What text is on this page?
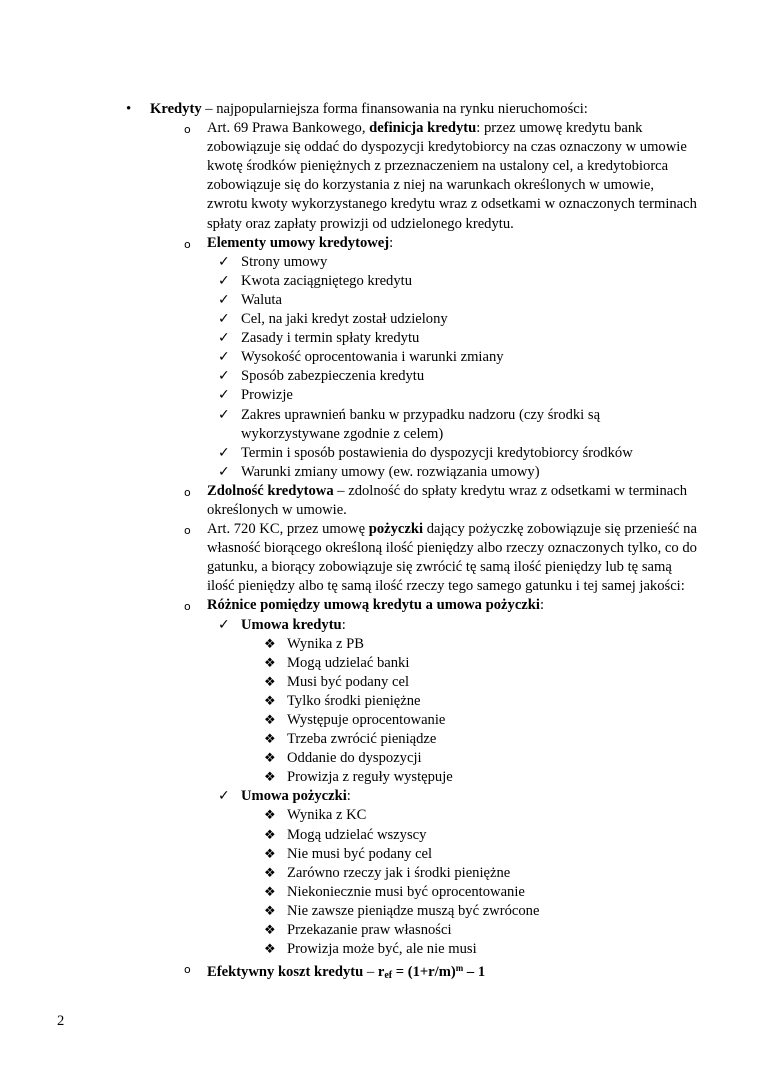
• Kredyty – najpopularniejsza forma finansowania na rynku nieruchomości:
o Art. 69 Prawa Bankowego, definicja kredytu: przez umowę kredytu bank zobowiązuje się oddać do dyspozycji kredytobiorcy na czas oznaczony w umowie kwotę środków pieniężnych z przeznaczeniem na ustalony cel, a kredytobiorca zobowiązuje się do korzystania z niej na warunkach określonych w umowie, zwrotu kwoty wykorzystanego kredytu wraz z odsetkami w oznaczonych terminach spłaty oraz zapłaty prowizji od udzielonego kredytu.
o Elementy umowy kredytowej:
✓ Strony umowy
✓ Kwota zaciągniętego kredytu
✓ Waluta
✓ Cel, na jaki kredyt został udzielony
✓ Zasady i termin spłaty kredytu
✓ Wysokość oprocentowania i warunki zmiany
✓ Sposób zabezpieczenia kredytu
✓ Prowizje
✓ Zakres uprawnień banku w przypadku nadzoru (czy środki są wykorzystywane zgodnie z celem)
✓ Termin i sposób postawienia do dyspozycji kredytobiorcy środków
✓ Warunki zmiany umowy (ew. rozwiązania umowy)
o Zdolność kredytowa – zdolność do spłaty kredytu wraz z odsetkami w terminach określonych w umowie.
o Art. 720 KC, przez umowę pożyczki dający pożyczkę zobowiązuje się przenieść na własność biorącego określoną ilość pieniędzy albo rzeczy oznaczonych tylko, co do gatunku, a biorący zobowiązuje się zwrócić tę samą ilość pieniędzy lub tę samą ilość pieniędzy albo tę samą ilość rzeczy tego samego gatunku i tej samej jakości:
o Różnice pomiędzy umową kredytu a umowa pożyczki:
✓ Umowa kredytu:
❖ Wynika z PB
❖ Mogą udzielać banki
❖ Musi być podany cel
❖ Tylko środki pieniężne
❖ Występuje oprocentowanie
❖ Trzeba zwrócić pieniądze
❖ Oddanie do dyspozycji
❖ Prowizja z reguły występuje
✓ Umowa pożyczki:
❖ Wynika z KC
❖ Mogą udzielać wszyscy
❖ Nie musi być podany cel
❖ Zarówno rzeczy jak i środki pieniężne
❖ Niekoniecznie musi być oprocentowanie
❖ Nie zawsze pieniądze muszą być zwrócone
❖ Przekazanie praw własności
❖ Prowizja może być, ale nie musi
o Efektywny koszt kredytu – $r_{ef} = (1+r/m)^m - 1$
2
